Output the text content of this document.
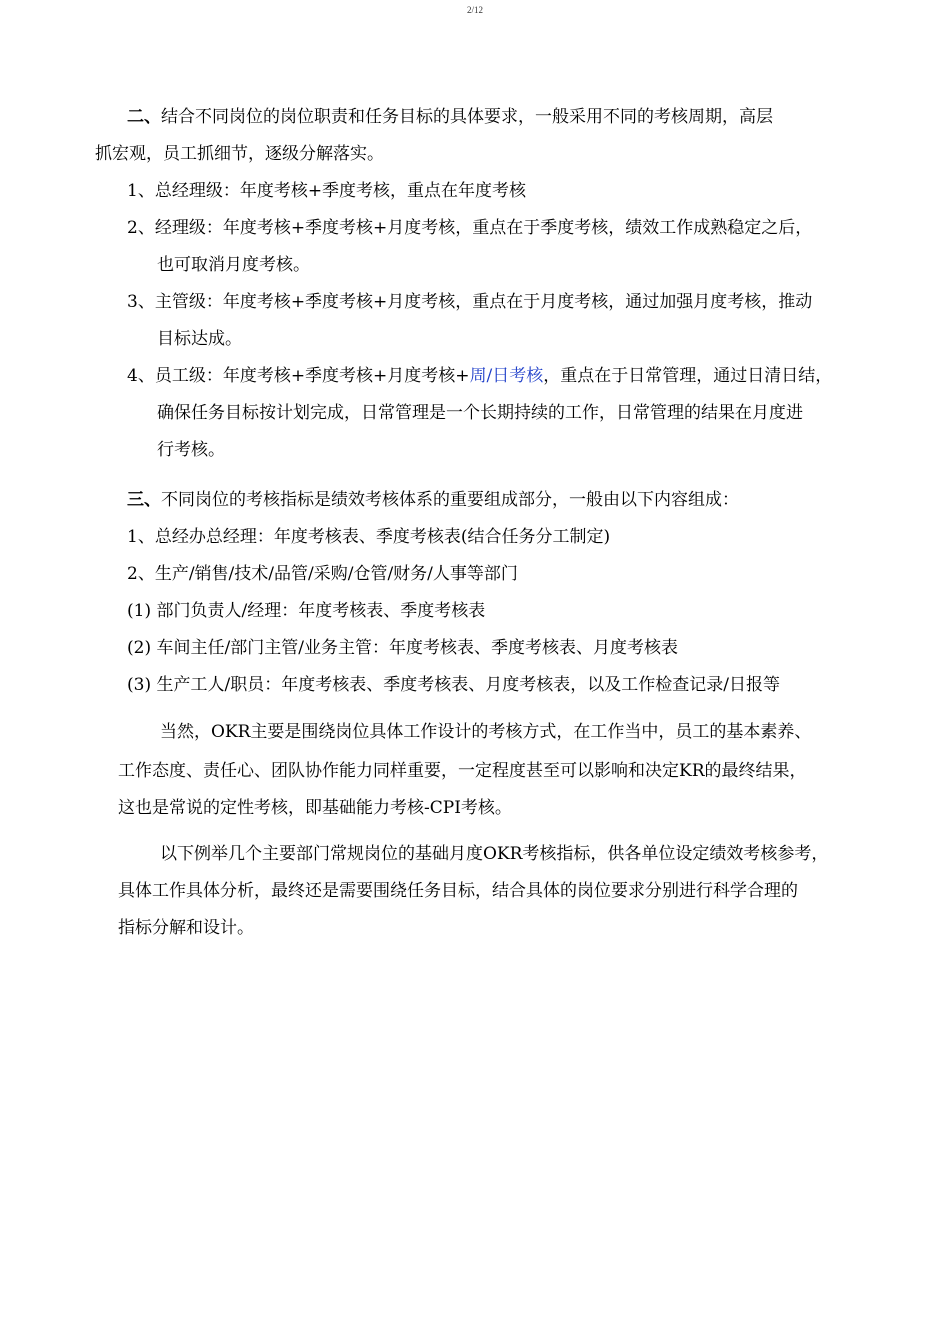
2/12
二、结合不同岗位的岗位职责和任务目标的具体要求，一般采用不同的考核周期，高层
抓宏观，员工抓细节，逐级分解落实。
1、总经理级：年度考核+季度考核，重点在年度考核
2、经理级：年度考核+季度考核+月度考核，重点在于季度考核，绩效工作成熟稳定之后，
也可取消月度考核。
3、主管级：年度考核+季度考核+月度考核，重点在于月度考核，通过加强月度考核，推动
目标达成。
4、员工级：年度考核+季度考核+月度考核+周/日考核，重点在于日常管理，通过日清日结，
确保任务目标按计划完成，日常管理是一个长期持续的工作，日常管理的结果在月度进
行考核。
三、不同岗位的考核指标是绩效考核体系的重要组成部分，一般由以下内容组成：
1、总经办总经理：年度考核表、季度考核表(结合任务分工制定)
2、生产/销售/技术/品管/采购/仓管/财务/人事等部门
(1) 部门负责人/经理：年度考核表、季度考核表
(2) 车间主任/部门主管/业务主管：年度考核表、季度考核表、月度考核表
(3) 生产工人/职员：年度考核表、季度考核表、月度考核表，以及工作检查记录/日报等
当然，OKR主要是围绕岗位具体工作设计的考核方式，在工作当中，员工的基本素养、
工作态度、责任心、团队协作能力同样重要，一定程度甚至可以影响和决定KR的最终结果，
这也是常说的定性考核，即基础能力考核-CPI考核。
以下例举几个主要部门常规岗位的基础月度OKR考核指标，供各单位设定绩效考核参考，
具体工作具体分析，最终还是需要围绕任务目标，结合具体的岗位要求分别进行科学合理的
指标分解和设计。
